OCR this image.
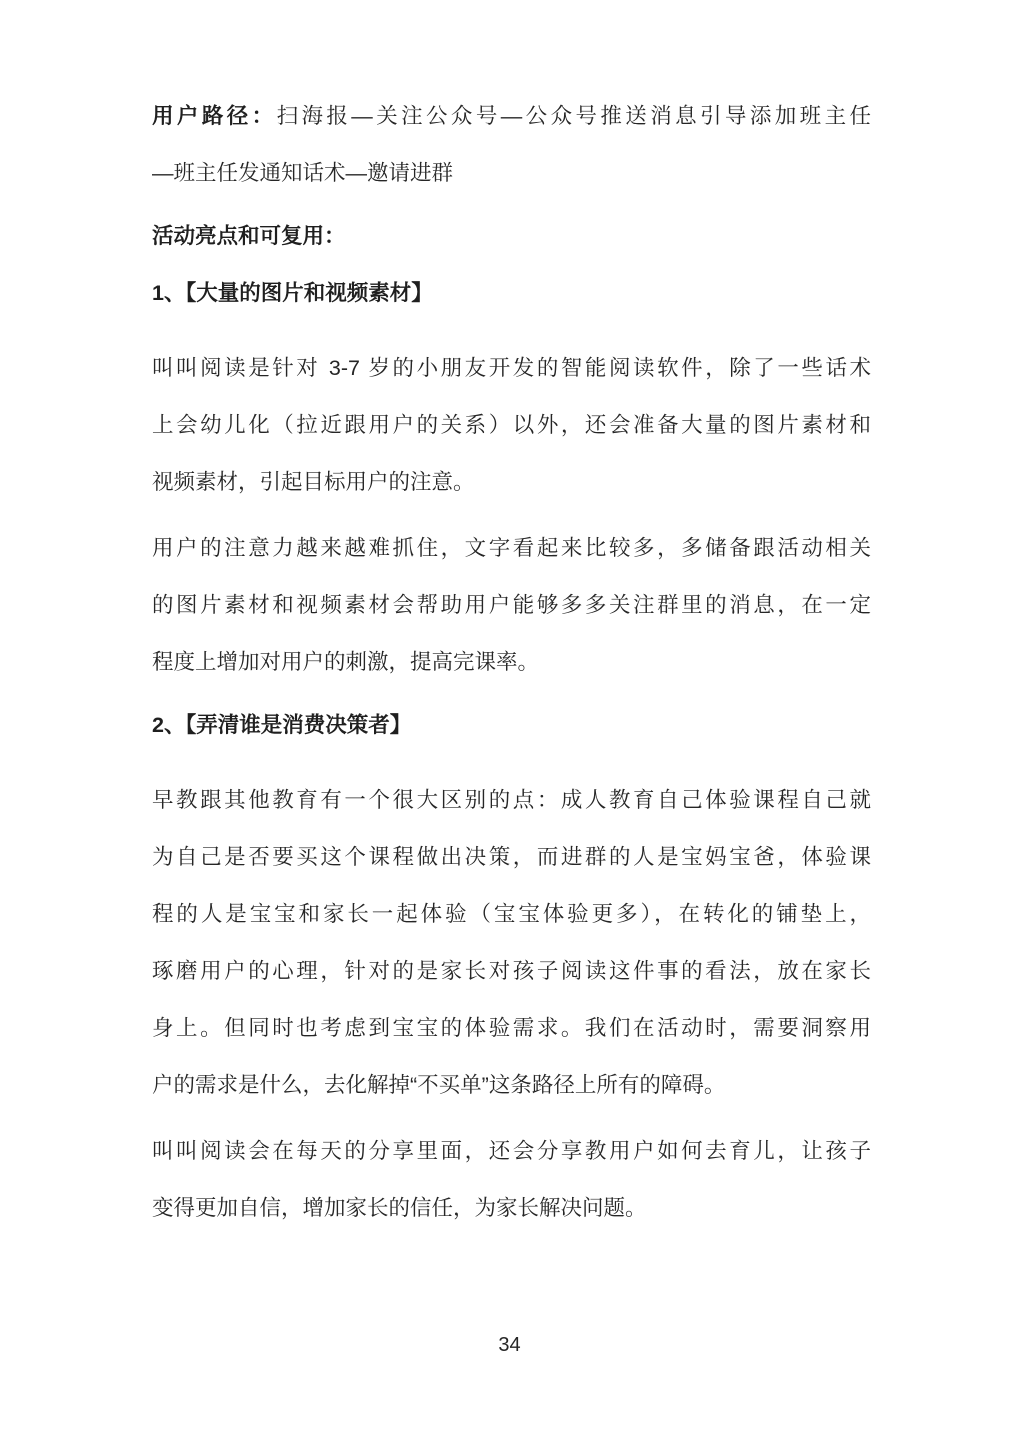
用户路径：扫海报—关注公众号—公众号推送消息引导添加班主任
—班主任发通知话术—邀请进群
活动亮点和可复用：
1、【大量的图片和视频素材】
叫叫阅读是针对 3-7 岁的小朋友开发的智能阅读软件，除了一些话术
上会幼儿化（拉近跟用户的关系）以外，还会准备大量的图片素材和
视频素材，引起目标用户的注意。
用户的注意力越来越难抓住，文字看起来比较多，多储备跟活动相关
的图片素材和视频素材会帮助用户能够多多关注群里的消息，在一定
程度上增加对用户的刺激，提高完课率。
2、【弄清谁是消费决策者】
早教跟其他教育有一个很大区别的点：成人教育自己体验课程自己就
为自己是否要买这个课程做出决策，而进群的人是宝妈宝爸，体验课
程的人是宝宝和家长一起体验（宝宝体验更多），在转化的铺垫上，
琢磨用户的心理，针对的是家长对孩子阅读这件事的看法，放在家长
身上。但同时也考虑到宝宝的体验需求。我们在活动时，需要洞察用
户的需求是什么，去化解掉“不买单”这条路径上所有的障碍。
叫叫阅读会在每天的分享里面，还会分享教用户如何去育儿，让孩子
变得更加自信，增加家长的信任，为家长解决问题。
34
